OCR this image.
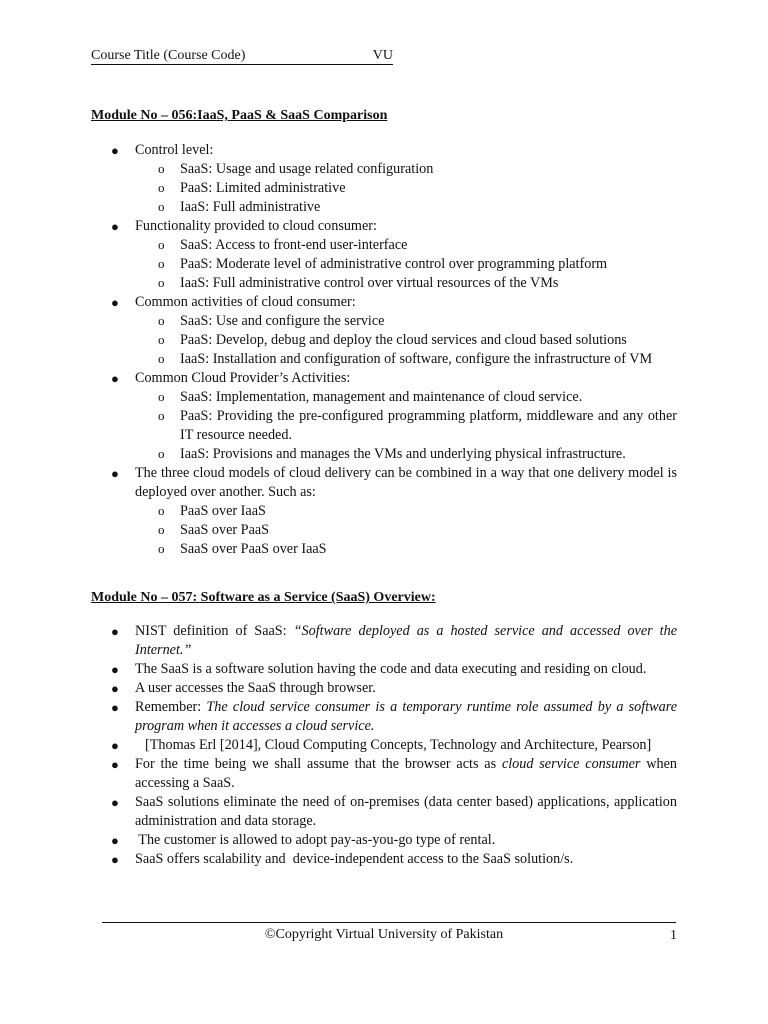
Course Title (Course Code)	VU
Module No – 056:IaaS, PaaS & SaaS Comparison
● Control level:
o SaaS: Usage and usage related configuration
o PaaS: Limited administrative
o IaaS: Full administrative
● Functionality provided to cloud consumer:
o SaaS: Access to front-end user-interface
o PaaS: Moderate level of administrative control over programming platform
o IaaS: Full administrative control over virtual resources of the VMs
● Common activities of cloud consumer:
o SaaS: Use and configure the service
o PaaS: Develop, debug and deploy the cloud services and cloud based solutions
o IaaS: Installation and configuration of software, configure the infrastructure of VM
● Common Cloud Provider’s Activities:
o SaaS: Implementation, management and maintenance of cloud service.
o PaaS: Providing the pre-configured programming platform, middleware and any other IT resource needed.
o IaaS: Provisions and manages the VMs and underlying physical infrastructure.
● The three cloud models of cloud delivery can be combined in a way that one delivery model is deployed over another. Such as:
o PaaS over IaaS
o SaaS over PaaS
o SaaS over PaaS over IaaS
Module No – 057: Software as a Service (SaaS) Overview:
● NIST definition of SaaS: “Software deployed as a hosted service and accessed over the Internet.”
● The SaaS is a software solution having the code and data executing and residing on cloud.
● A user accesses the SaaS through browser.
● Remember: The cloud service consumer is a temporary runtime role assumed by a software program when it accesses a cloud service.
●	[Thomas Erl [2014], Cloud Computing Concepts, Technology and Architecture, Pearson]
● For the time being we shall assume that the browser acts as cloud service consumer when accessing a SaaS.
● SaaS solutions eliminate the need of on-premises (data center based) applications, application administration and data storage.
● The customer is allowed to adopt pay-as-you-go type of rental.
● SaaS offers scalability and  device-independent access to the SaaS solution/s.
©Copyright Virtual University of Pakistan	1
